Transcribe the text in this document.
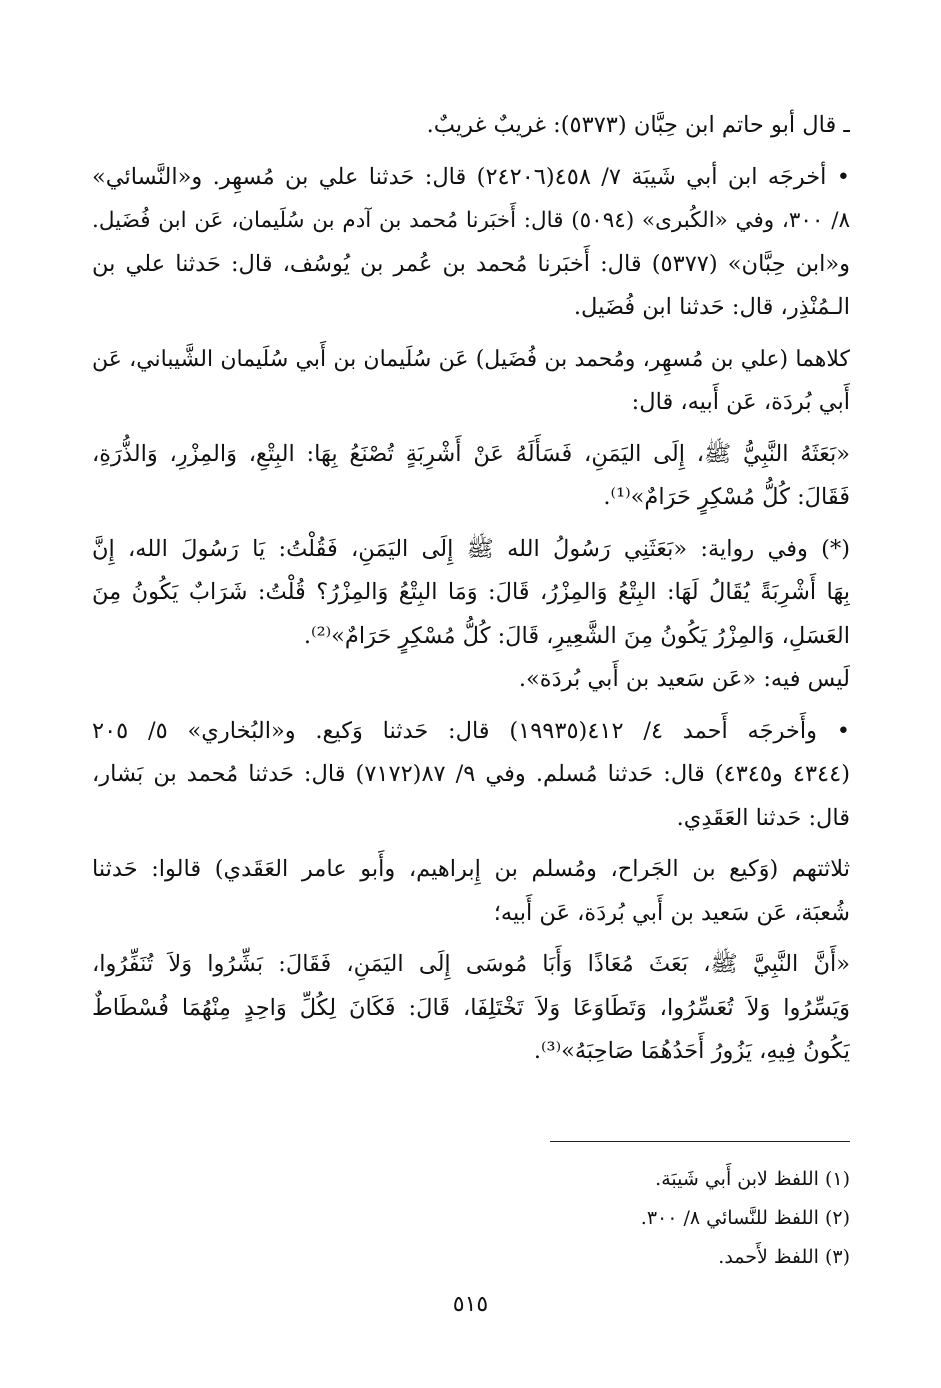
ـ قال أبو حاتم ابن حِبَّان (٥٣٧٣): غريبٌ غريبٌ.
• أخرجَه ابن أبي شَيبَة ٧/ ٤٥٨(٢٤٢٠٦) قال: حَدثنا علي بن مُسهِر. و«النَّسائي»
٨/ ٣٠٠، وفي «الكُبرى» (٥٠٩٤) قال: أَخبَرنا مُحمد بن آدم بن سُلَيمان، عَن ابن فُضَيل.
و«ابن حِبَّان» (٥٣٧٧) قال: أَخبَرنا مُحمد بن عُمر بن يُوسُف، قال: حَدثنا علي بن
الـمُنْذِر، قال: حَدثنا ابن فُضَيل.
كلاهما (علي بن مُسهِر، ومُحمد بن فُضَيل) عَن سُلَيمان بن أَبي سُلَيمان الشَّيباني، عَن
أَبي بُردَة، عَن أَبيه، قال:
«بَعَثَهُ النَّبِيُّ ﷺ، إِلَى اليَمَنِ، فَسَأَلَهُ عَنْ أَشْرِبَةٍ تُصْنَعُ بِهَا: البِتْعِ، وَالمِزْرِ، وَالذُّرَةِ،
فَقَالَ: كُلُّ مُسْكِرٍ حَرَامٌ»⁽¹⁾.
(*) وفي رواية: «بَعَثَنِي رَسُولُ الله ﷺ إِلَى اليَمَنِ، فَقُلْتُ: يَا رَسُولَ الله، إِنَّ
بِهَا أَشْرِبَةً يُقَالُ لَهَا: البِتْعُ وَالمِزْرُ، قَالَ: وَمَا البِتْعُ وَالمِزْرُ؟ قُلْتُ: شَرَابٌ يَكُونُ مِنَ
العَسَلِ، وَالمِزْرُ يَكُونُ مِنَ الشَّعِيرِ، قَالَ: كُلُّ مُسْكِرٍ حَرَامٌ»⁽²⁾.
لَيس فيه: «عَن سَعيد بن أَبي بُردَة».
• وأَخرجَه أَحمد ٤/ ٤١٢(١٩٩٣٥) قال: حَدثنا وَكيع. و«البُخاري» ٥/ ٢٠٥
(٤٣٤٤ و٤٣٤٥) قال: حَدثنا مُسلم. وفي ٩/ ٨٧(٧١٧٢) قال: حَدثنا مُحمد بن بَشار،
قال: حَدثنا العَقَدِي.
ثلاثتهم (وَكيع بن الجَراح، ومُسلم بن إِبراهيم، وأَبو عامر العَقَدي) قالوا: حَدثنا
شُعبَة، عَن سَعيد بن أَبي بُردَة، عَن أَبيه؛
«أَنَّ النَّبِيَّ ﷺ، بَعَثَ مُعَاذًا وَأَبَا مُوسَى إِلَى اليَمَنِ، فَقَالَ: بَشِّرُوا وَلاَ تُنَفِّرُوا،
وَيَسِّرُوا وَلاَ تُعَسِّرُوا، وَتَطَاوَعَا وَلاَ تَخْتَلِفَا، قَالَ: فَكَانَ لِكُلِّ وَاحِدٍ مِنْهُمَا فُسْطَاطٌ
يَكُونُ فِيهِ، يَزُورُ أَحَدُهُمَا صَاحِبَهُ»⁽³⁾.
(١) اللفظ لابن أَبي شَيبَة.
(٢) اللفظ للنَّسائي ٨/ ٣٠٠.
(٣) اللفظ لأَحمد.
٥١٥
